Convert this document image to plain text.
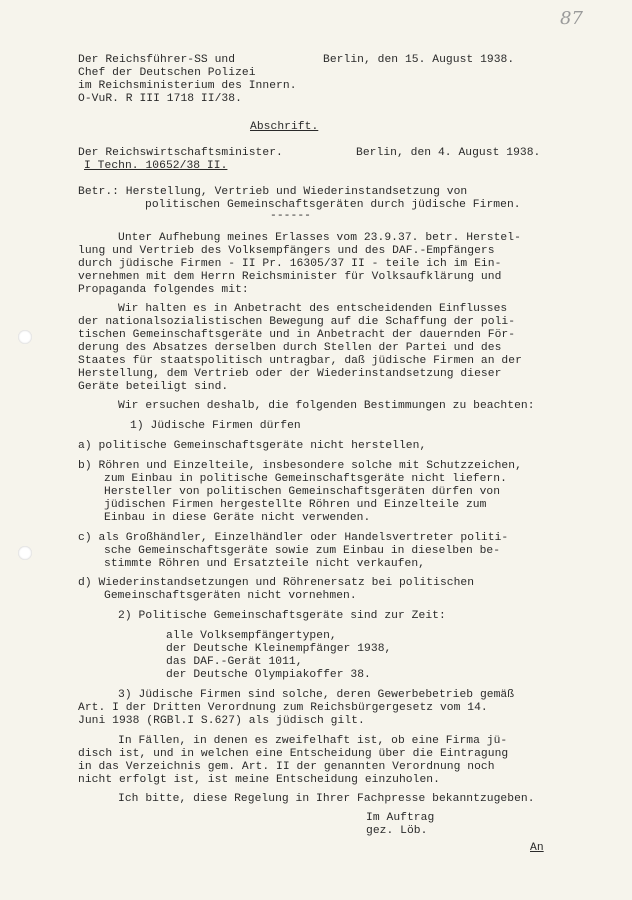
87
Der Reichsführer-SS und	Berlin, den 15. August 1938.
Chef der Deutschen Polizei
im Reichsministerium des Innern.
O-VuR. R III 1718 II/38.
Abschrift.
Der Reichswirtschaftsminister.	Berlin, den 4. August 1938.
I Techn. 10652/38 II.
Betr.: Herstellung, Vertrieb und Wiederinstandsetzung von
politischen Gemeinschaftsgeräten durch jüdische Firmen.
------
Unter Aufhebung meines Erlasses vom 23.9.37. betr. Herstel-
lung und Vertrieb des Volksempfängers und des DAF.-Empfängers
durch jüdische Firmen - II Pr. 16305/37 II - teile ich im Ein-
vernehmen mit dem Herrn Reichsminister für Volksaufklärung und
Propaganda folgendes mit:
Wir halten es in Anbetracht des entscheidenden Einflusses
der nationalsozialistischen Bewegung auf die Schaffung der poli-
tischen Gemeinschaftsgeräte und in Anbetracht der dauernden För-
derung des Absatzes derselben durch Stellen der Partei und des
Staates für staatspolitisch untragbar, daß jüdische Firmen an der
Herstellung, dem Vertrieb oder der Wiederinstandsetzung dieser
Geräte beteiligt sind.
Wir ersuchen deshalb, die folgenden Bestimmungen zu beachten:
1) Jüdische Firmen dürfen
a) politische Gemeinschaftsgeräte nicht herstellen,
b) Röhren und Einzelteile, insbesondere solche mit Schutzzeichen,
zum Einbau in politische Gemeinschaftsgeräte nicht liefern.
Hersteller von politischen Gemeinschaftsgeräten dürfen von
jüdischen Firmen hergestellte Röhren und Einzelteile zum
Einbau in diese Geräte nicht verwenden.
c) als Großhändler, Einzelhändler oder Handelsvertreter politi-
sche Gemeinschaftsgeräte sowie zum Einbau in dieselben be-
stimmte Röhren und Ersatzteile nicht verkaufen,
d) Wiederinstandsetzungen und Röhrenersatz bei politischen
Gemeinschaftsgeräten nicht vornehmen.
2) Politische Gemeinschaftsgeräte sind zur Zeit:
alle Volksempfängertypen,
der Deutsche Kleinempfänger 1938,
das DAF.-Gerät 1011,
der Deutsche Olympiakoffer 38.
3) Jüdische Firmen sind solche, deren Gewerbebetrieb gemäß
Art. I der Dritten Verordnung zum Reichsbürgergesetz vom 14.
Juni 1938 (RGBl.I S.627) als jüdisch gilt.
In Fällen, in denen es zweifelhaft ist, ob eine Firma jü-
disch ist, und in welchen eine Entscheidung über die Eintragung
in das Verzeichnis gem. Art. II der genannten Verordnung noch
nicht erfolgt ist, ist meine Entscheidung einzuholen.
Ich bitte, diese Regelung in Ihrer Fachpresse bekanntzugeben.
Im Auftrag
gez. Löb.
An
